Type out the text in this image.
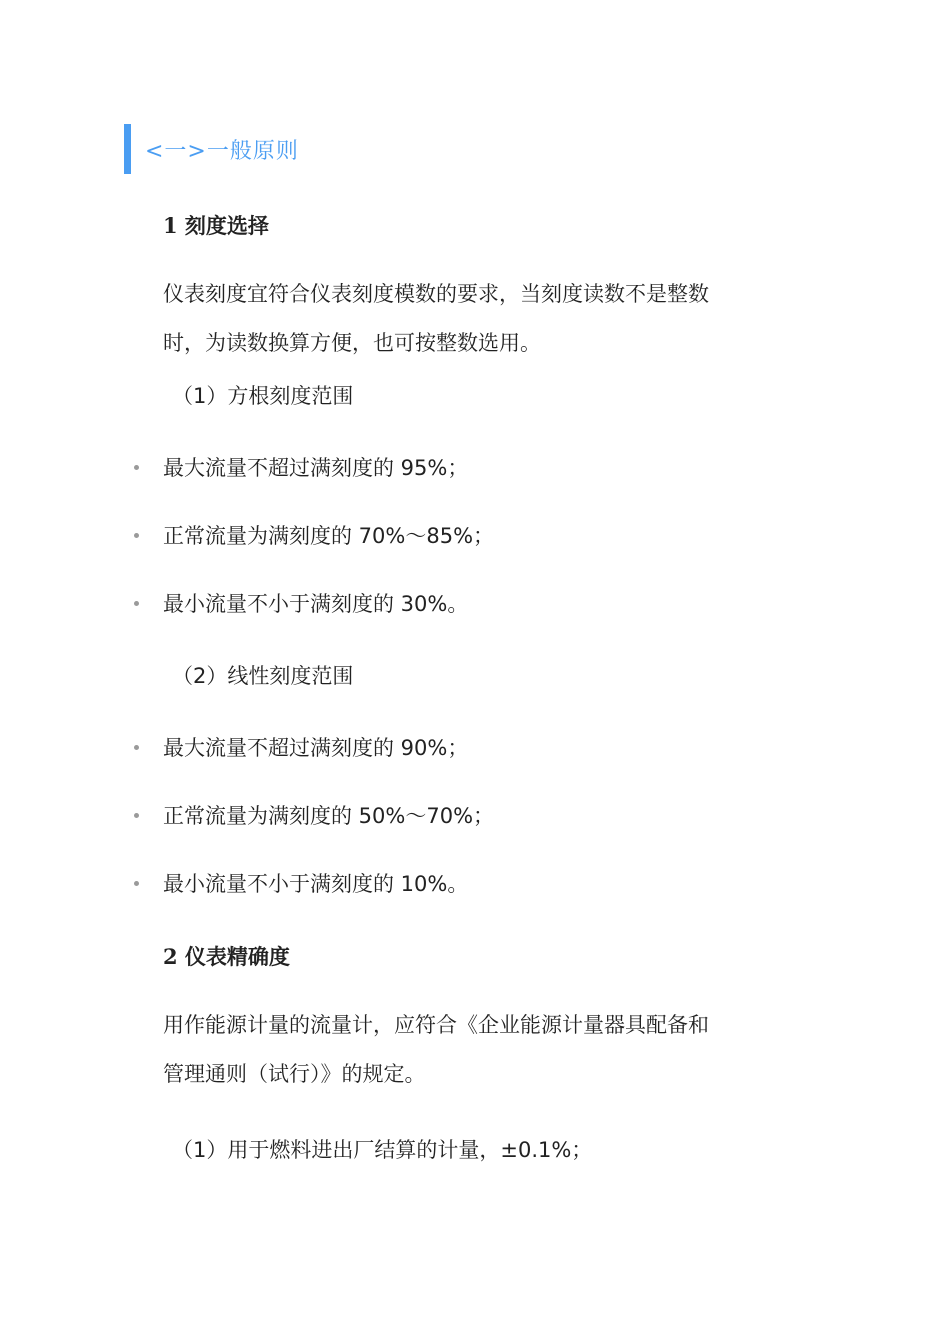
<一>一般原则
1 刻度选择
仪表刻度宜符合仪表刻度模数的要求，当刻度读数不是整数
时，为读数换算方便，也可按整数选用。
（1）方根刻度范围
最大流量不超过满刻度的 95%；
正常流量为满刻度的 70%～85%；
最小流量不小于满刻度的 30%。
（2）线性刻度范围
最大流量不超过满刻度的 90%；
正常流量为满刻度的 50%～70%；
最小流量不小于满刻度的 10%。
2 仪表精确度
用作能源计量的流量计，应符合《企业能源计量器具配备和
管理通则（试行）》的规定。
（1）用于燃料进出厂结算的计量，±0.1%；
